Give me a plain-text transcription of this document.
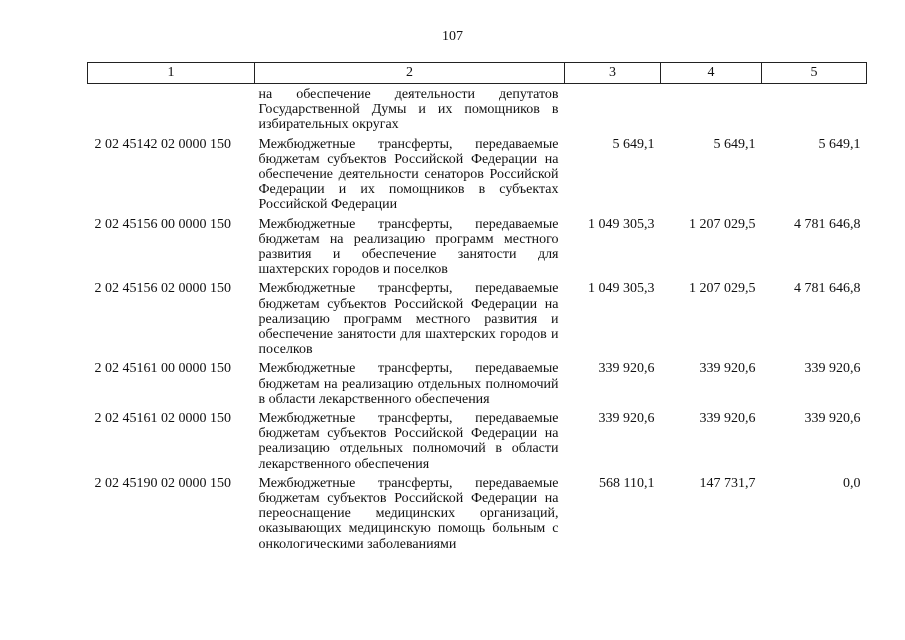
107
1	2	3	4	5
	на обеспечение деятельности депутатов Государственной Думы и их помощников в избирательных округах			
2 02 45142 02 0000 150	Межбюджетные трансферты, передаваемые бюджетам субъектов Российской Федерации на обеспечение деятельности сенаторов Российской Федерации и их помощников в субъектах Российской Федерации	5 649,1	5 649,1	5 649,1
2 02 45156 00 0000 150	Межбюджетные трансферты, передаваемые бюджетам на реализацию программ местного развития и обеспечение занятости для шахтерских городов и поселков	1 049 305,3	1 207 029,5	4 781 646,8
2 02 45156 02 0000 150	Межбюджетные трансферты, передаваемые бюджетам субъектов Российской Федерации на реализацию программ местного развития и обеспечение занятости для шахтерских городов и поселков	1 049 305,3	1 207 029,5	4 781 646,8
2 02 45161 00 0000 150	Межбюджетные трансферты, передаваемые бюджетам на реализацию отдельных полномочий в области лекарственного обеспечения	339 920,6	339 920,6	339 920,6
2 02 45161 02 0000 150	Межбюджетные трансферты, передаваемые бюджетам субъектов Российской Федерации на реализацию отдельных полномочий в области лекарственного обеспечения	339 920,6	339 920,6	339 920,6
2 02 45190 02 0000 150	Межбюджетные трансферты, передаваемые бюджетам субъектов Российской Федерации на переоснащение медицинских организаций, оказывающих медицинскую помощь больным с онкологическими заболеваниями	568 110,1	147 731,7	0,0
